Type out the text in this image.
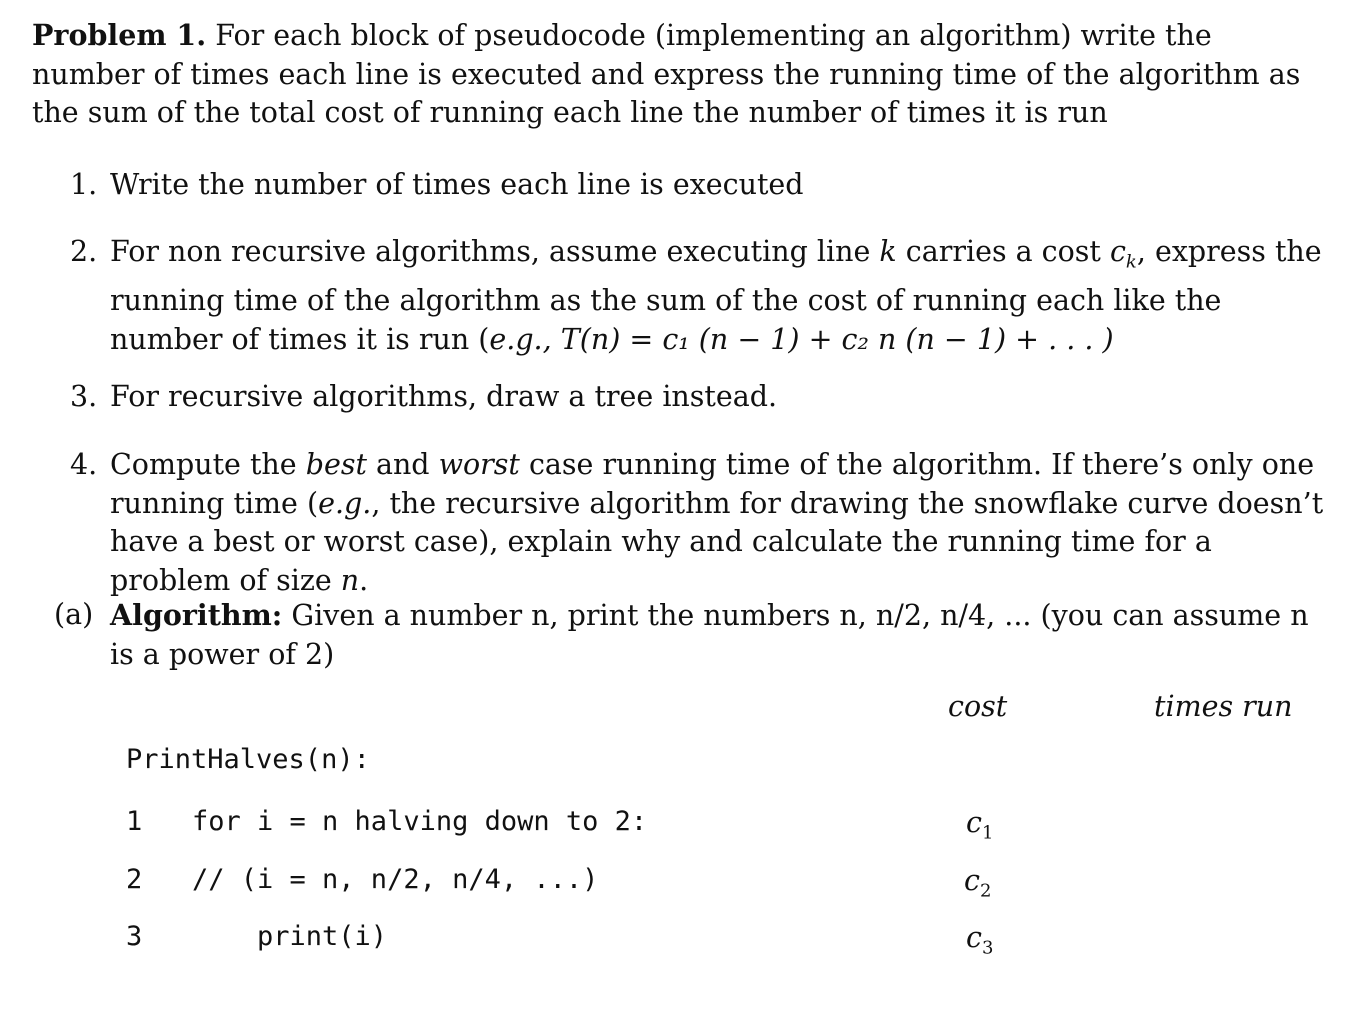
Problem 1. For each block of pseudocode (implementing an algorithm) write the number of times each line is executed and express the running time of the algorithm as the sum of the total cost of running each line the number of times it is run
1. Write the number of times each line is executed
2. For non recursive algorithms, assume executing line k carries a cost $c_k$, express the running time of the algorithm as the sum of the cost of running each like the number of times it is run (e.g., T(n) = c₁ (n − 1) + c₂ n (n − 1) + . . . )
3. For recursive algorithms, draw a tree instead.
4. Compute the best and worst case running time of the algorithm. If there’s only one running time (e.g., the recursive algorithm for drawing the snowflake curve doesn’t have a best or worst case), explain why and calculate the running time for a problem of size n.
(a) Algorithm: Given a number n, print the numbers n, n/2, n/4, ... (you can assume n is a power of 2)
cost	times run
PrintHalves(n):
1 for i = n halving down to 2:	$c_1$
2 // (i = n, n/2, n/4, ...)	$c_2$
3 print(i)	$c_3$
